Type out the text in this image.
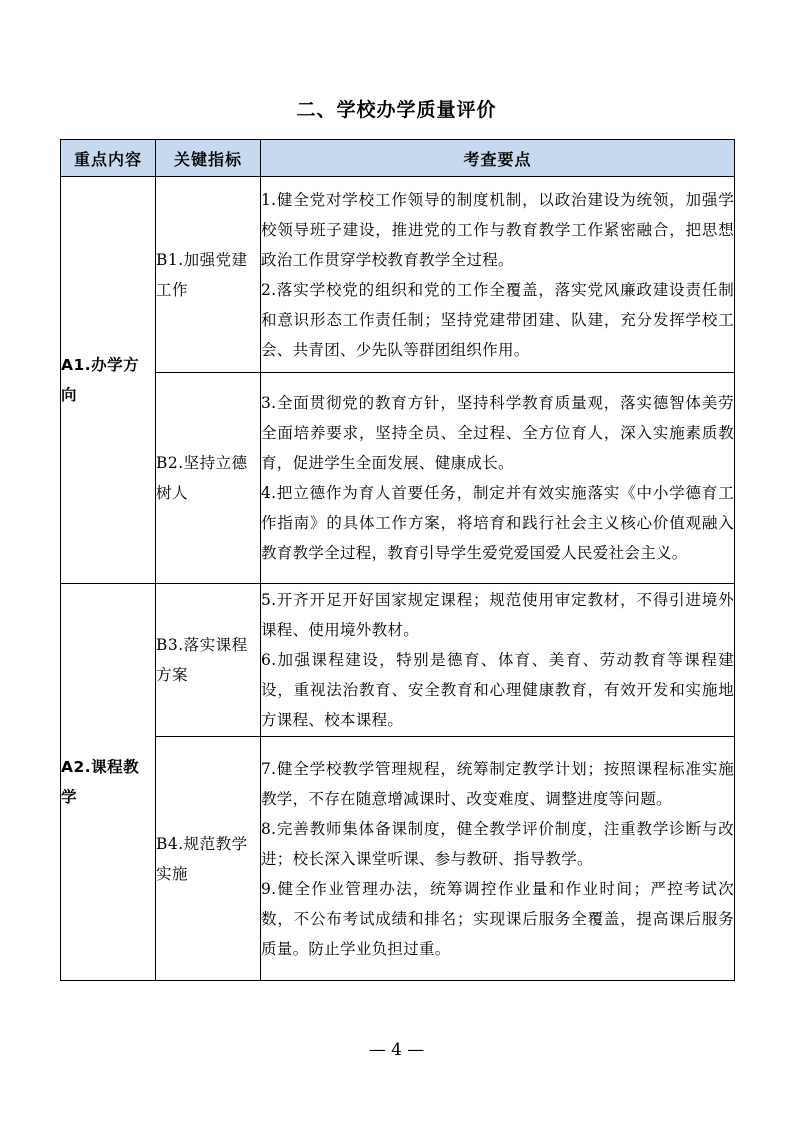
二、学校办学质量评价
重点内容	关键指标	考查要点
A1.办学方向	B1.加强党建工作	1.健全党对学校工作领导的制度机制，以政治建设为统领，加强学校领导班子建设，推进党的工作与教育教学工作紧密融合，把思想政治工作贯穿学校教育教学全过程。

2.落实学校党的组织和党的工作全覆盖，落实党风廉政建设责任制和意识形态工作责任制；坚持党建带团建、队建，充分发挥学校工会、共青团、少先队等群团组织作用。

	B2.坚持立德树人	3.全面贯彻党的教育方针，坚持科学教育质量观，落实德智体美劳全面培养要求，坚持全员、全过程、全方位育人，深入实施素质教育，促进学生全面发展、健康成长。

4.把立德作为育人首要任务，制定并有效实施落实《中小学德育工作指南》的具体工作方案，将培育和践行社会主义核心价值观融入教育教学全过程，教育引导学生爱党爱国爱人民爱社会主义。

A2.课程教学	B3.落实课程方案	5.开齐开足开好国家规定课程；规范使用审定教材，不得引进境外课程、使用境外教材。

6.加强课程建设，特别是德育、体育、美育、劳动教育等课程建设，重视法治教育、安全教育和心理健康教育，有效开发和实施地方课程、校本课程。

	B4.规范教学实施	7.健全学校教学管理规程，统筹制定教学计划；按照课程标准实施教学，不存在随意增减课时、改变难度、调整进度等问题。

8.完善教师集体备课制度，健全教学评价制度，注重教学诊断与改进；校长深入课堂听课、参与教研、指导教学。

9.健全作业管理办法，统筹调控作业量和作业时间；严控考试次数，不公布考试成绩和排名；实现课后服务全覆盖，提高课后服务质量。防止学业负担过重。

— 4 —
